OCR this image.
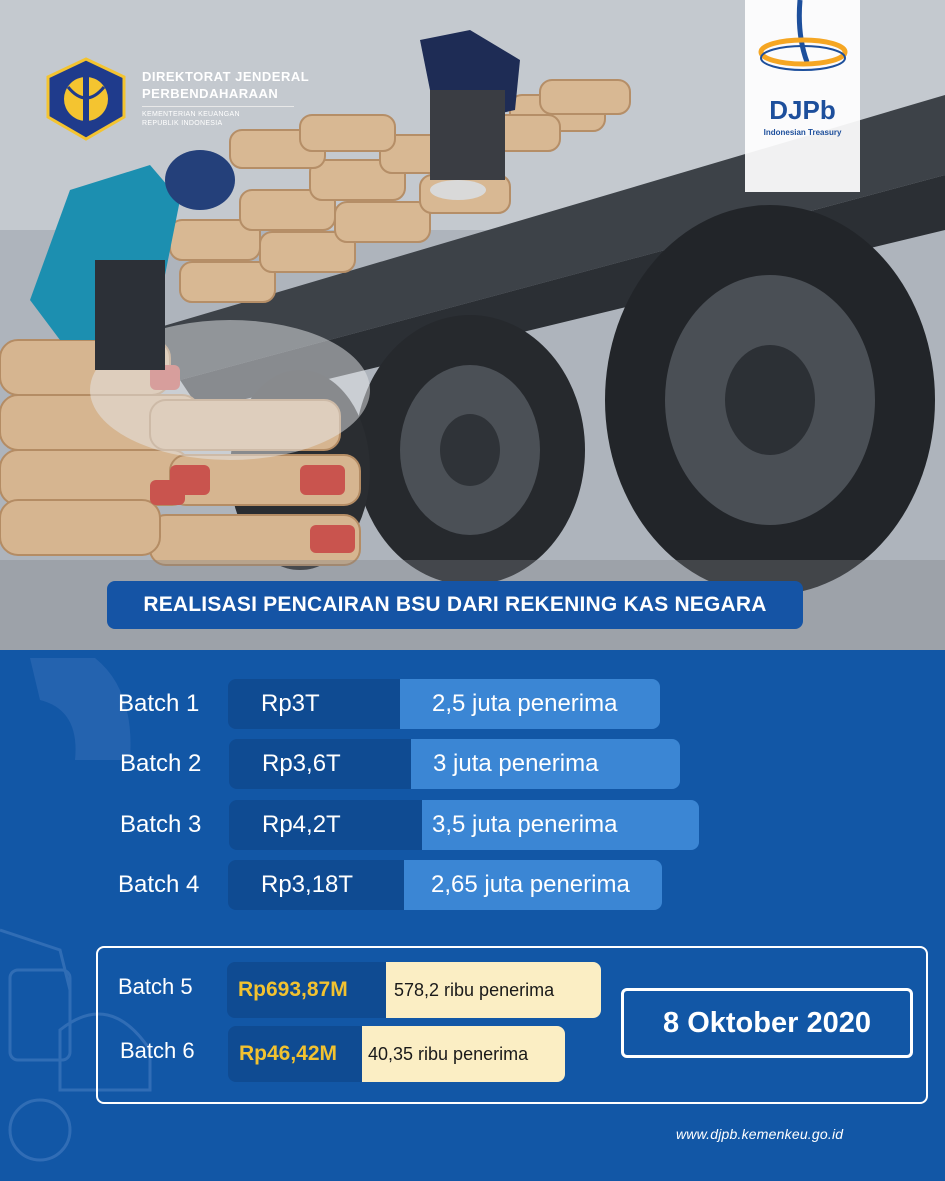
DIREKTORAT JENDERAL
PERBENDAHARAAN
KEMENTERIAN KEUANGAN
REPUBLIK INDONESIA	DJPb
Indonesian Treasury
REALISASI PENCAIRAN BSU DARI REKENING KAS NEGARA
Batch 1	Rp3T	2,5 juta penerima
Batch 2	Rp3,6T	3 juta penerima
Batch 3	Rp4,2T	3,5 juta penerima
Batch 4	Rp3,18T	2,65 juta penerima
Batch 5	Rp693,87M	578,2 ribu penerima
Batch 6	Rp46,42M	40,35 ribu penerima
8 Oktober 2020
www.djpb.kemenkeu.go.id
